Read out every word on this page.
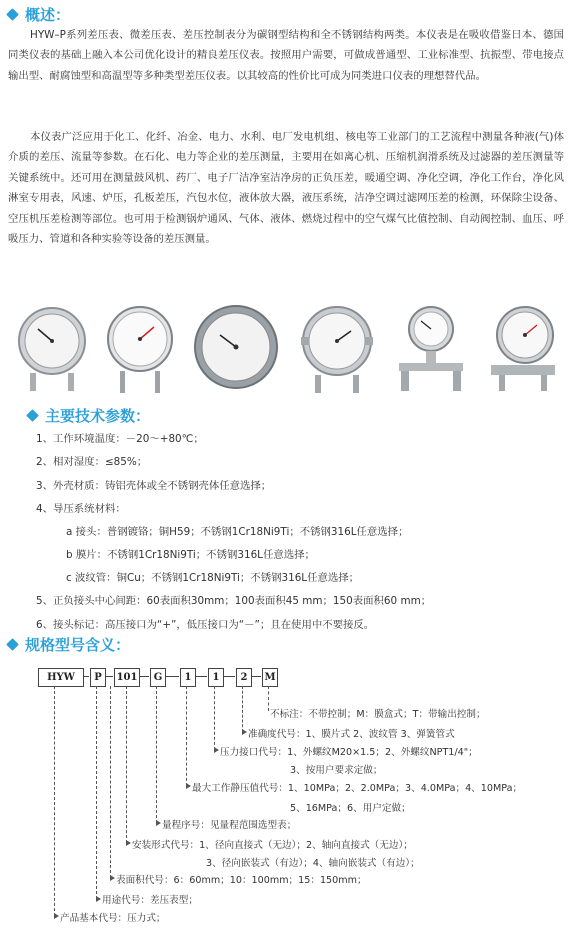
概述：
HYW–P系列差压表、微差压表、差压控制表分为碳钢型结构和全不锈钢结构两类。本仪表是在吸收借鉴日本、德国同类仪表的基础上融入本公司优化设计的精良差压仪表。按照用户需要，可做成普通型、工业标准型、抗振型、带电接点输出型、耐腐蚀型和高温型等多种类型差压仪表。以其较高的性价比可成为同类进口仪表的理想替代品。
本仪表广泛应用于化工、化纤、冶金、电力、水利、电厂发电机组、核电等工业部门的工艺流程中测量各种液(气)体介质的差压、流量等参数。在石化、电力等企业的差压测量，主要用在如离心机、压缩机润滑系统及过滤器的差压测量等关键系统中。还可用在测量鼓风机、药厂、电子厂洁净室洁净房的正负压差，暖通空调、净化空调，净化工作台，净化风淋室专用表，风速、炉压，孔板差压，汽包水位，液体放大器，液压系统，洁净空调过滤网压差的检测，环保除尘设备、空压机压差检测等部位。也可用于检测锅炉通风、气体、液体、燃烧过程中的空气煤气比值控制、自动阀控制、血压、呼吸压力、管道和各种实验等设备的差压测量。
主要技术参数：
1、工作环境温度：－20～+80℃；
2、相对湿度：≤85%；
3、外壳材质：铸铝壳体或全不锈钢壳体任意选择；
4、导压系统材料：
a 接头：普钢镀铬；铜H59；不锈钢1Cr18Ni9Ti；不锈钢316L任意选择；
b 膜片：不锈钢1Cr18Ni9Ti；不锈钢316L任意选择；
c 波纹管：铜Cu；不锈钢1Cr18Ni9Ti；不锈钢316L任意选择；
5、正负接头中心间距：60表面积30mm；100表面积45 mm；150表面积60 mm；
6、接头标记：高压接口为“+”，低压接口为“－”；且在使用中不要接反。
规格型号含义：
HYW	P	101	G	1	1	2	M
不标注：不带控制；M：膜盒式；T：带输出控制；
准确度代号：1、膜片式 2、波纹管 3、弹簧管式
压力接口代号：1、外螺纹M20×1.5；2、外螺纹NPT1/4"；
3、按用户要求定做；
最大工作静压值代号：1、10MPa；2、2.0MPa；3、4.0MPa；4、10MPa；
5、16MPa；6、用户定做；
量程序号：见量程范围选型表；
安装形式代号：1、径向直接式（无边）；2、轴向直接式（无边）；
3、径向嵌装式（有边）；4、轴向嵌装式（有边）；
表面积代号：6：60mm；10：100mm；15：150mm；
用途代号：差压表型；
产品基本代号：压力式；
